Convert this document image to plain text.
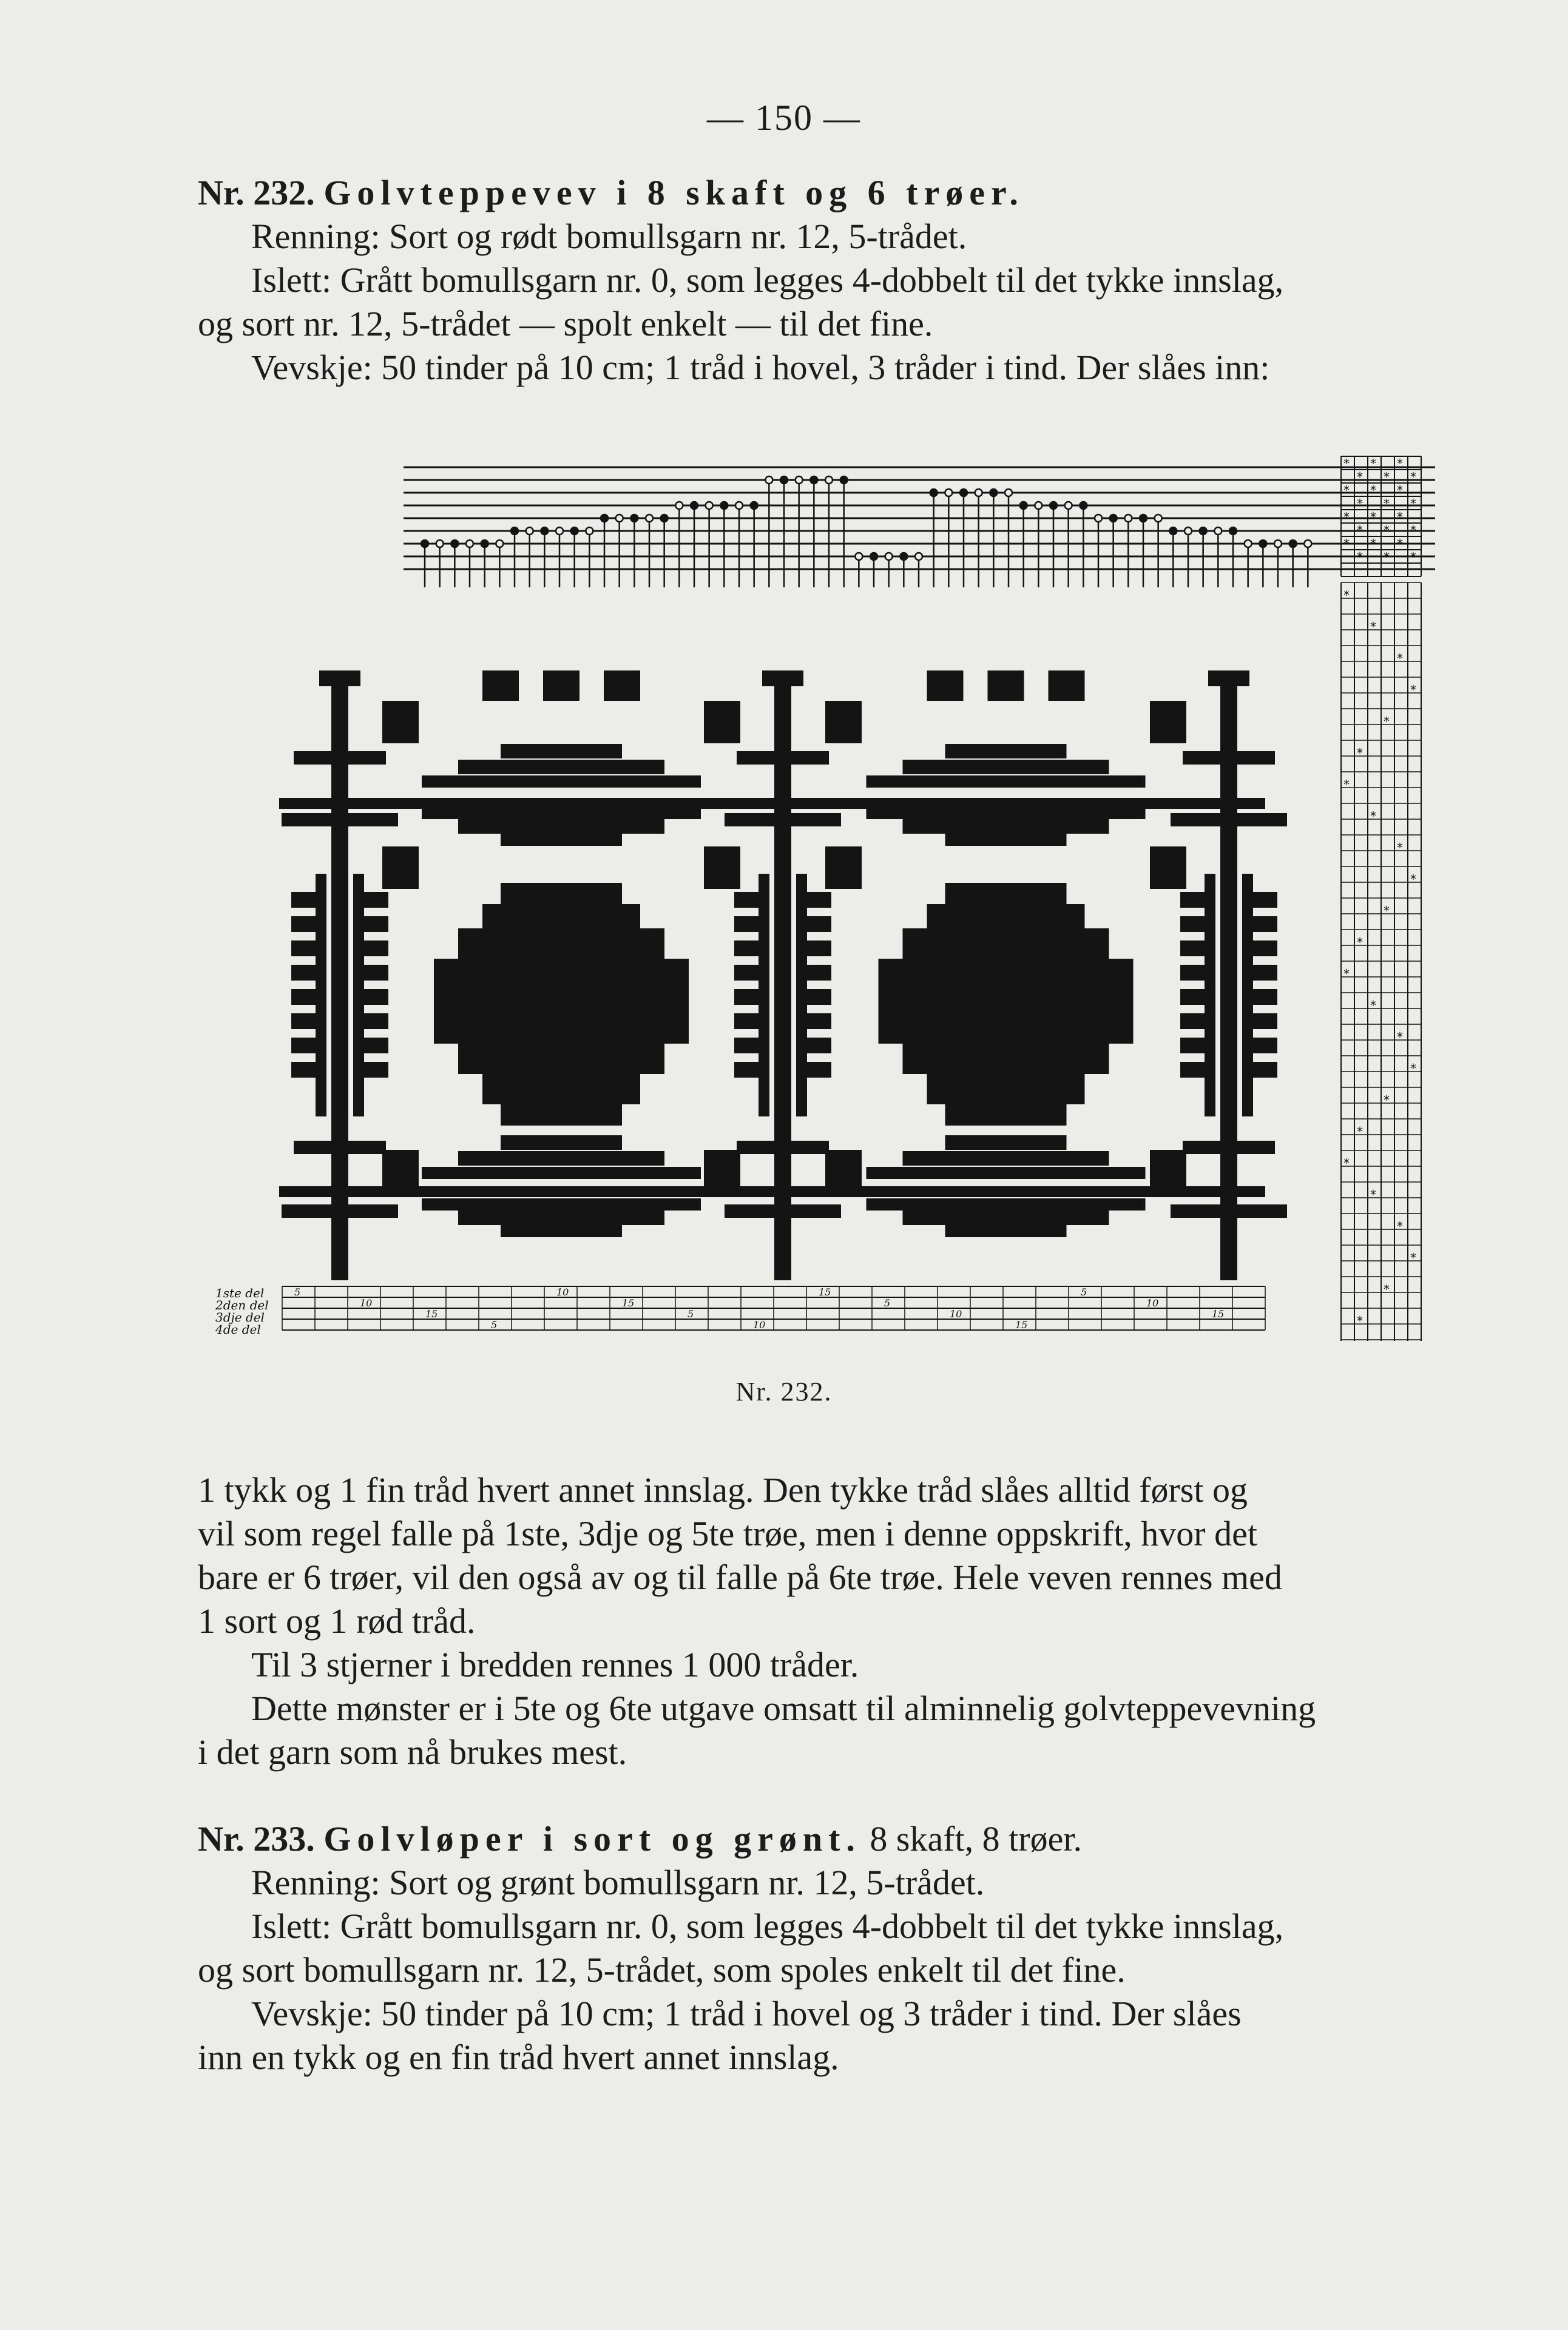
— 150 —

Nr. 232. Golvteppevev i 8 skaft og 6 trøer.

Renning: Sort og rødt bomullsgarn nr. 12, 5-trådet.

Islett: Grått bomullsgarn nr. 0, som legges 4-dobbelt til det tykke innslag,

og sort nr. 12, 5-trådet — spolt enkelt — til det fine.

Vevskje: 50 tinder på 10 cm; 1 tråd i hovel, 3 tråder i tind. Der slåes inn:

*
*
*
*
*
*
*
*
*
*
*
*
*
*
*
*
*
*
*
*
*
*
*
*
*
*
*
*
*
*
*
*
*
*
*
*
*
*
*
*
*
*
*
*
*
*
*
*
5
10
15
5
10
15
5
10
15
5
10
15
5
10
15
1ste del
2den del
3dje del
4de del
Nr. 232.

1 tykk og 1 fin tråd hvert annet innslag. Den tykke tråd slåes alltid først og

vil som regel falle på 1ste, 3dje og 5te trøe, men i denne oppskrift, hvor det

bare er 6 trøer, vil den også av og til falle på 6te trøe. Hele veven rennes med

1 sort og 1 rød tråd.

Til 3 stjerner i bredden rennes 1 000 tråder.

Dette mønster er i 5te og 6te utgave omsatt til alminnelig golvteppevevning

i det garn som nå brukes mest.

Nr. 233. Golvløper i sort og grønt. 8 skaft, 8 trøer.

Renning: Sort og grønt bomullsgarn nr. 12, 5-trådet.

Islett: Grått bomullsgarn nr. 0, som legges 4-dobbelt til det tykke innslag,

og sort bomullsgarn nr. 12, 5-trådet, som spoles enkelt til det fine.

Vevskje: 50 tinder på 10 cm; 1 tråd i hovel og 3 tråder i tind. Der slåes

inn en tykk og en fin tråd hvert annet innslag.
